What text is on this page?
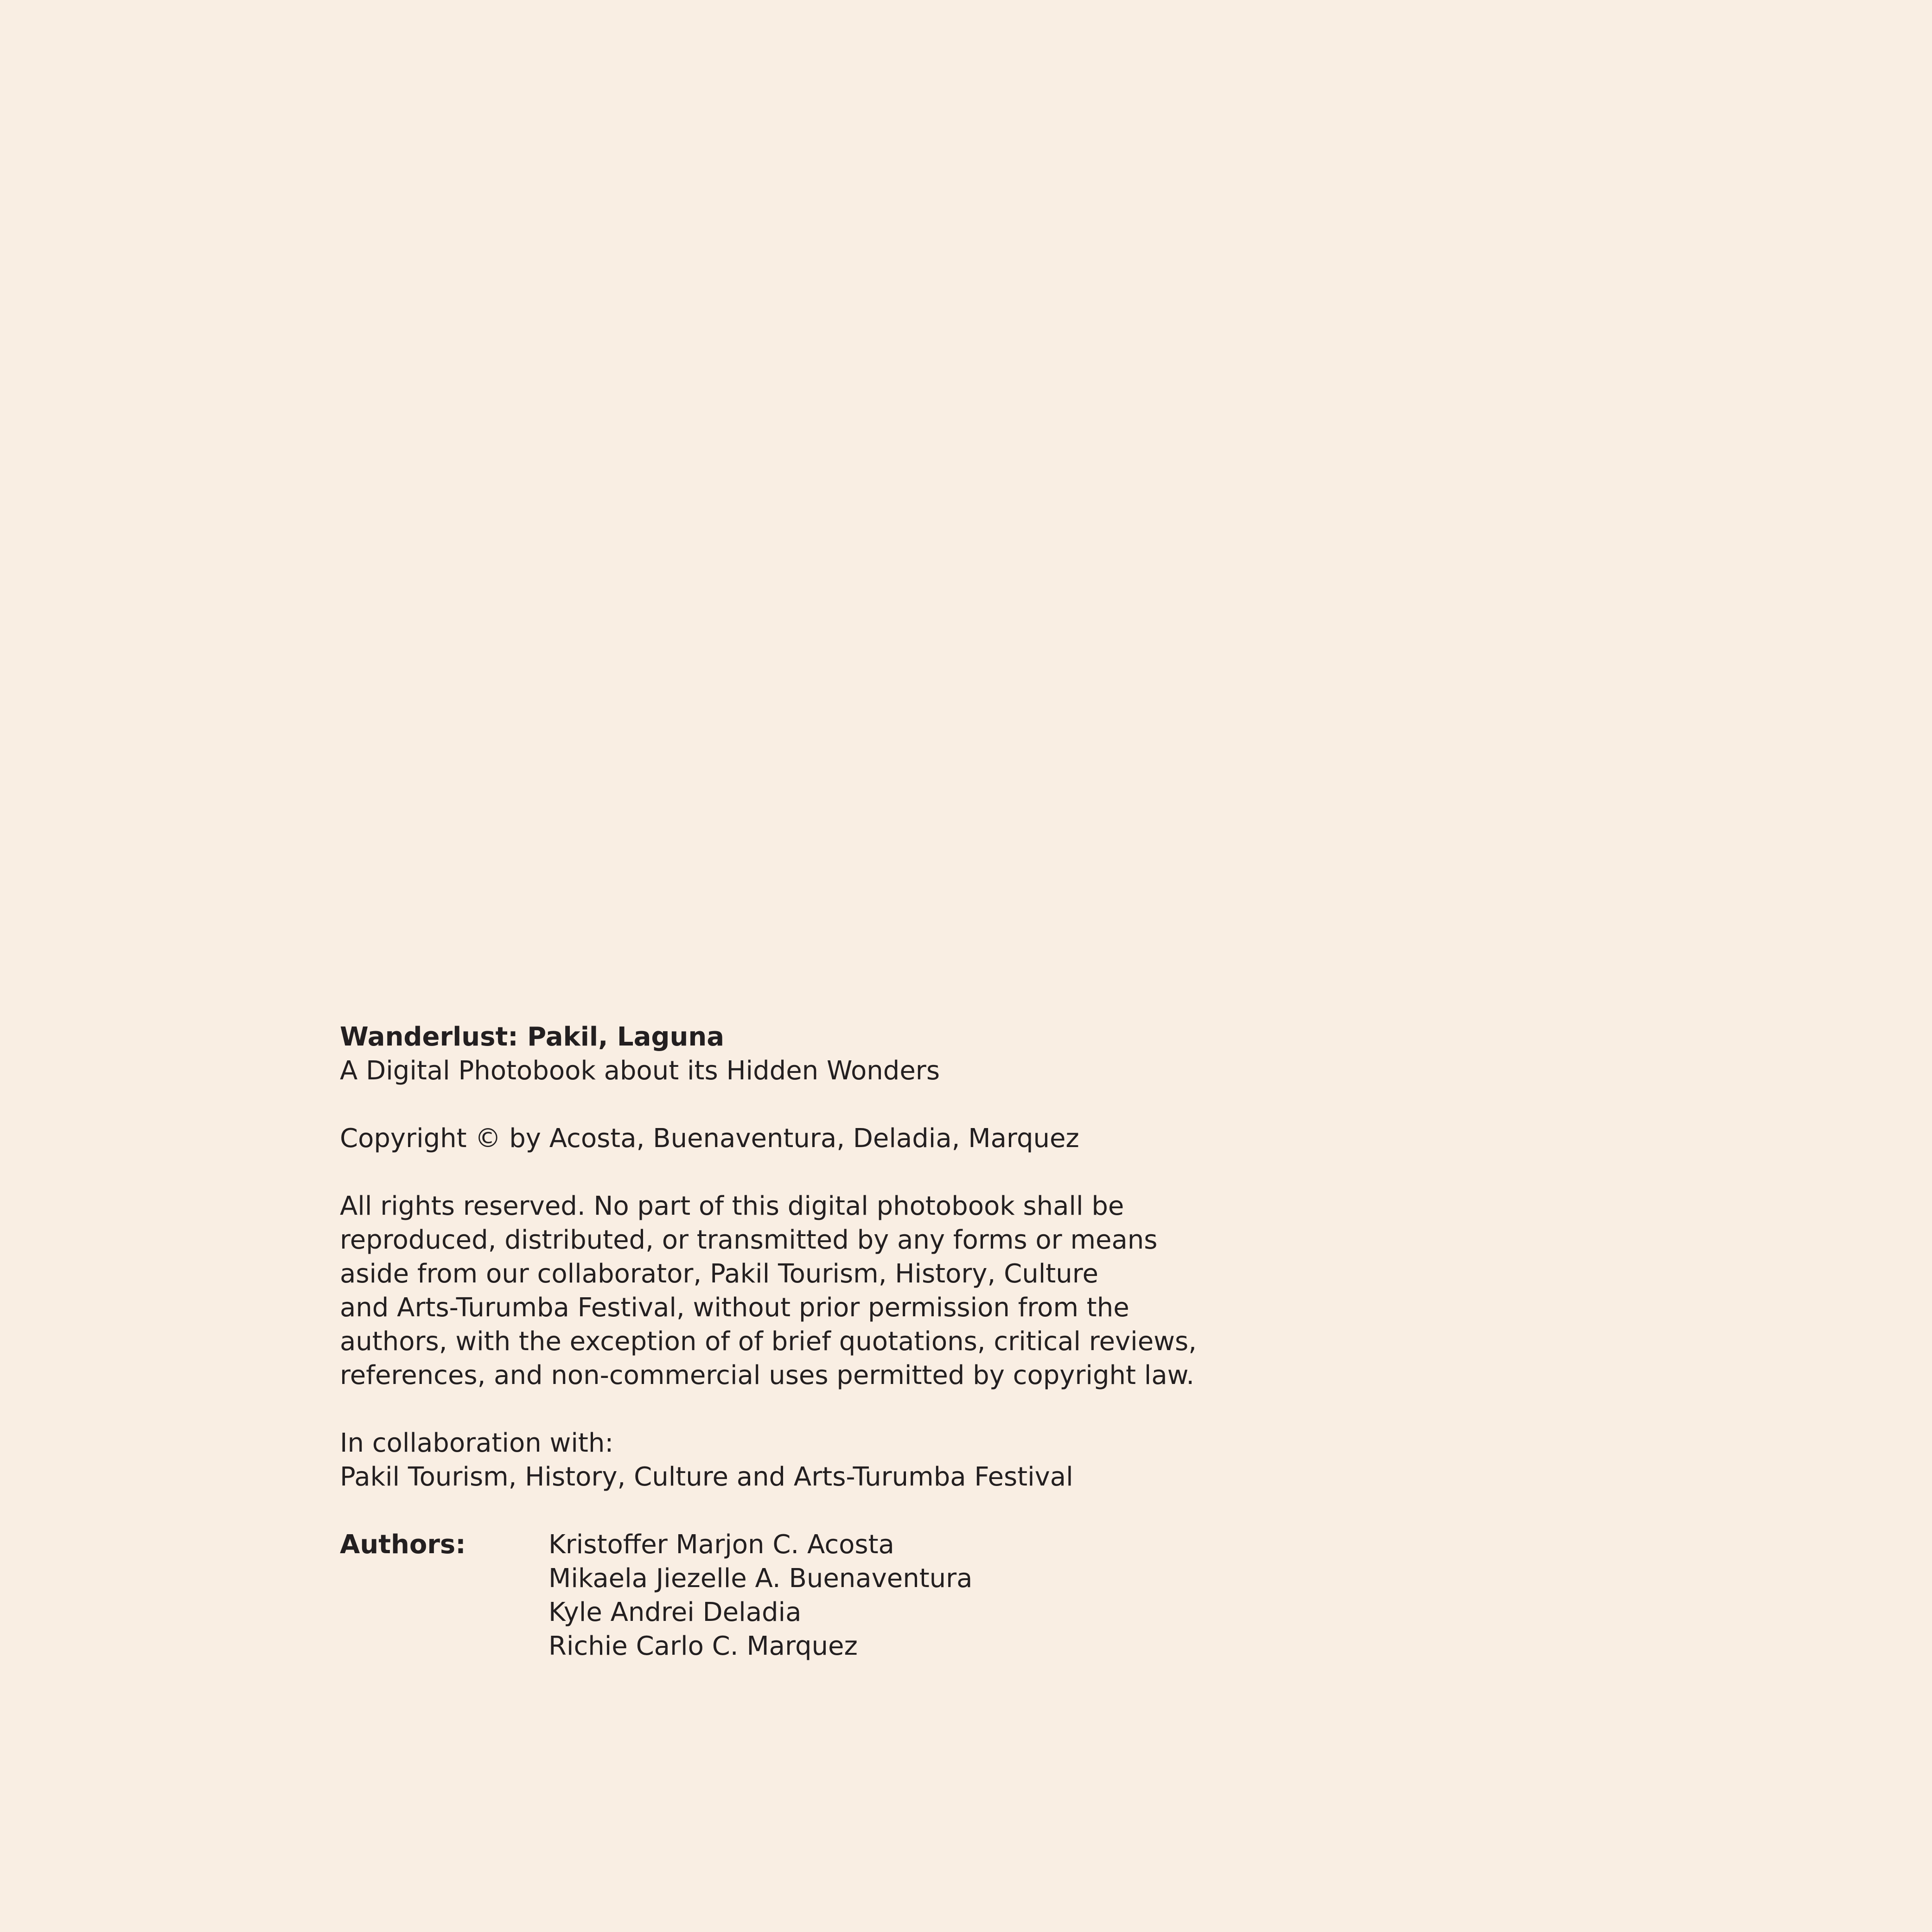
Wanderlust: Pakil, Laguna
A Digital Photobook about its Hidden Wonders
Copyright © by Acosta, Buenaventura, Deladia, Marquez
All rights reserved. No part of this digital photobook shall be
reproduced, distributed, or transmitted by any forms or means
aside from our collaborator, Pakil Tourism, History, Culture
and Arts-Turumba Festival, without prior permission from the
authors, with the exception of of brief quotations, critical reviews,
references, and non-commercial uses permitted by copyright law.
In collaboration with:
Pakil Tourism, History, Culture and Arts-Turumba Festival
Authors:	Kristoffer Marjon C. Acosta
Mikaela Jiezelle A. Buenaventura
Kyle Andrei Deladia
Richie Carlo C. Marquez
